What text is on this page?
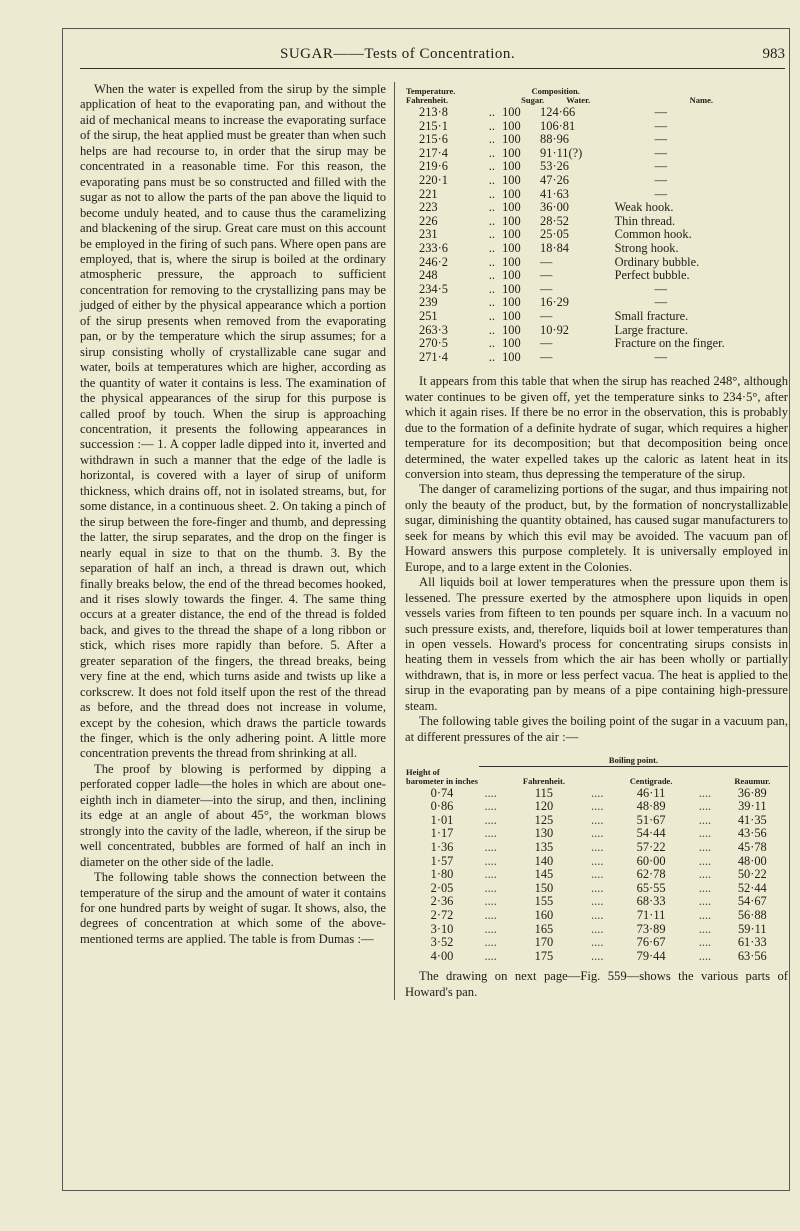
SUGAR——Tests of Concentration.	983

When the water is expelled from the sirup by the simple application of heat to the evaporating pan, and without the aid of mechanical means to increase the evaporating surface of the sirup, the heat applied must be greater than when such helps are had recourse to, in order that the sirup may be concentrated in a reasonable time. For this reason, the evaporating pans must be so constructed and filled with the sugar as not to allow the parts of the pan above the liquid to become unduly heated, and to cause thus the caramelizing and blackening of the sirup. Great care must on this account be employed in the firing of such pans. Where open pans are employed, that is, where the sirup is boiled at the ordinary atmospheric pressure, the approach to sufficient concentration for removing to the crystallizing pans may be judged of either by the physical appearance which a portion of the sirup presents when removed from the evaporating pan, or by the temperature which the sirup assumes; for a sirup consisting wholly of crystallizable cane sugar and water, boils at temperatures which are higher, according as the quantity of water it contains is less. The examination of the physical appearances of the sirup for this purpose is called proof by touch. When the sirup is approaching concentration, it presents the following appearances in succession :— 1. A copper ladle dipped into it, inverted and withdrawn in such a manner that the edge of the ladle is horizontal, is covered with a layer of sirup of uniform thickness, which drains off, not in isolated streams, but, for some distance, in a continuous sheet. 2. On taking a pinch of the sirup between the fore-finger and thumb, and depressing the latter, the sirup separates, and the drop on the finger is nearly equal in size to that on the thumb. 3. By the separation of half an inch, a thread is drawn out, which finally breaks below, the end of the thread becomes hooked, and it rises slowly towards the finger. 4. The same thing occurs at a greater distance, the end of the thread is folded back, and gives to the thread the shape of a long ribbon or stick, which rises more rapidly than before. 5. After a greater separation of the fingers, the thread breaks, being very fine at the end, which turns aside and twists up like a corkscrew. It does not fold itself upon the rest of the thread as before, and the thread does not increase in volume, except by the cohesion, which draws the particle towards the finger, which is the only adhering point. A little more concentration prevents the thread from shrinking at all.

The proof by blowing is performed by dipping a perforated copper ladle—the holes in which are about one-eighth inch in diameter—into the sirup, and then, inclining its edge at an angle of about 45°, the workman blows strongly into the cavity of the ladle, whereon, if the sirup be well concentrated, bubbles are formed of half an inch in diameter on the other side of the ladle.

The following table shows the connection between the temperature of the sirup and the amount of water it contains for one hundred parts by weight of sugar. It shows, also, the degrees of concentration at which some of the above-mentioned terms are applied. The table is from Dumas :—

Temperature. Fahrenheit.		Composition.
Sugar. Water.		Name.
213·8	..	100	124·66	—
215·1	..	100	106·81	—
215·6	..	100	88·96	—
217·4	..	100	91·11(?)	—
219·6	..	100	53·26	—
220·1	..	100	47·26	—
221	..	100	41·63	—
223	..	100	36·00	Weak hook.
226	..	100	28·52	Thin thread.
231	..	100	25·05	Common hook.
233·6	..	100	18·84	Strong hook.
246·2	..	100	—	Ordinary bubble.
248	..	100	—	Perfect bubble.
234·5	..	100	—	—
239	..	100	16·29	—
251	..	100	—	Small fracture.
263·3	..	100	10·92	Large fracture.
270·5	..	100	—	Fracture on the finger.
271·4	..	100	—	—

It appears from this table that when the sirup has reached 248°, although water continues to be given off, yet the temperature sinks to 234·5°, after which it again rises. If there be no error in the observation, this is probably due to the formation of a definite hydrate of sugar, which requires a higher temperature for its decomposition; but that decomposition being once determined, the water expelled takes up the caloric as latent heat in its conversion into steam, thus depressing the temperature of the sirup.

The danger of caramelizing portions of the sugar, and thus impairing not only the beauty of the product, but, by the formation of noncrystallizable sugar, diminishing the quantity obtained, has caused sugar manufacturers to seek for means by which this evil may be avoided. The vacuum pan of Howard answers this purpose completely. It is universally employed in Europe, and to a large extent in the Colonies.

All liquids boil at lower temperatures when the pressure upon them is lessened. The pressure exerted by the atmosphere upon liquids in open vessels varies from fifteen to ten pounds per square inch. In a vacuum no such pressure exists, and, therefore, liquids boil at lower temperatures than in open vessels. Howard's process for concentrating sirups consists in heating them in vessels from which the air has been wholly or partially withdrawn, that is, in more or less perfect vacua. The heat is applied to the sirup in the evaporating pan by means of a pipe containing high-pressure steam.

The following table gives the boiling point of the sugar in a vacuum pan, at different pressures of the air :—

	Boiling point.					
Height of barometer in inches		Fahrenheit.		Centigrade.		Reaumur.
0·74	....	115	....	46·11	....	36·89
0·86	....	120	....	48·89	....	39·11
1·01	....	125	....	51·67	....	41·35
1·17	....	130	....	54·44	....	43·56
1·36	....	135	....	57·22	....	45·78
1·57	....	140	....	60·00	....	48·00
1·80	....	145	....	62·78	....	50·22
2·05	....	150	....	65·55	....	52·44
2·36	....	155	....	68·33	....	54·67
2·72	....	160	....	71·11	....	56·88
3·10	....	165	....	73·89	....	59·11
3·52	....	170	....	76·67	....	61·33
4·00	....	175	....	79·44	....	63·56

The drawing on next page—Fig. 559—shows the various parts of Howard's pan.
